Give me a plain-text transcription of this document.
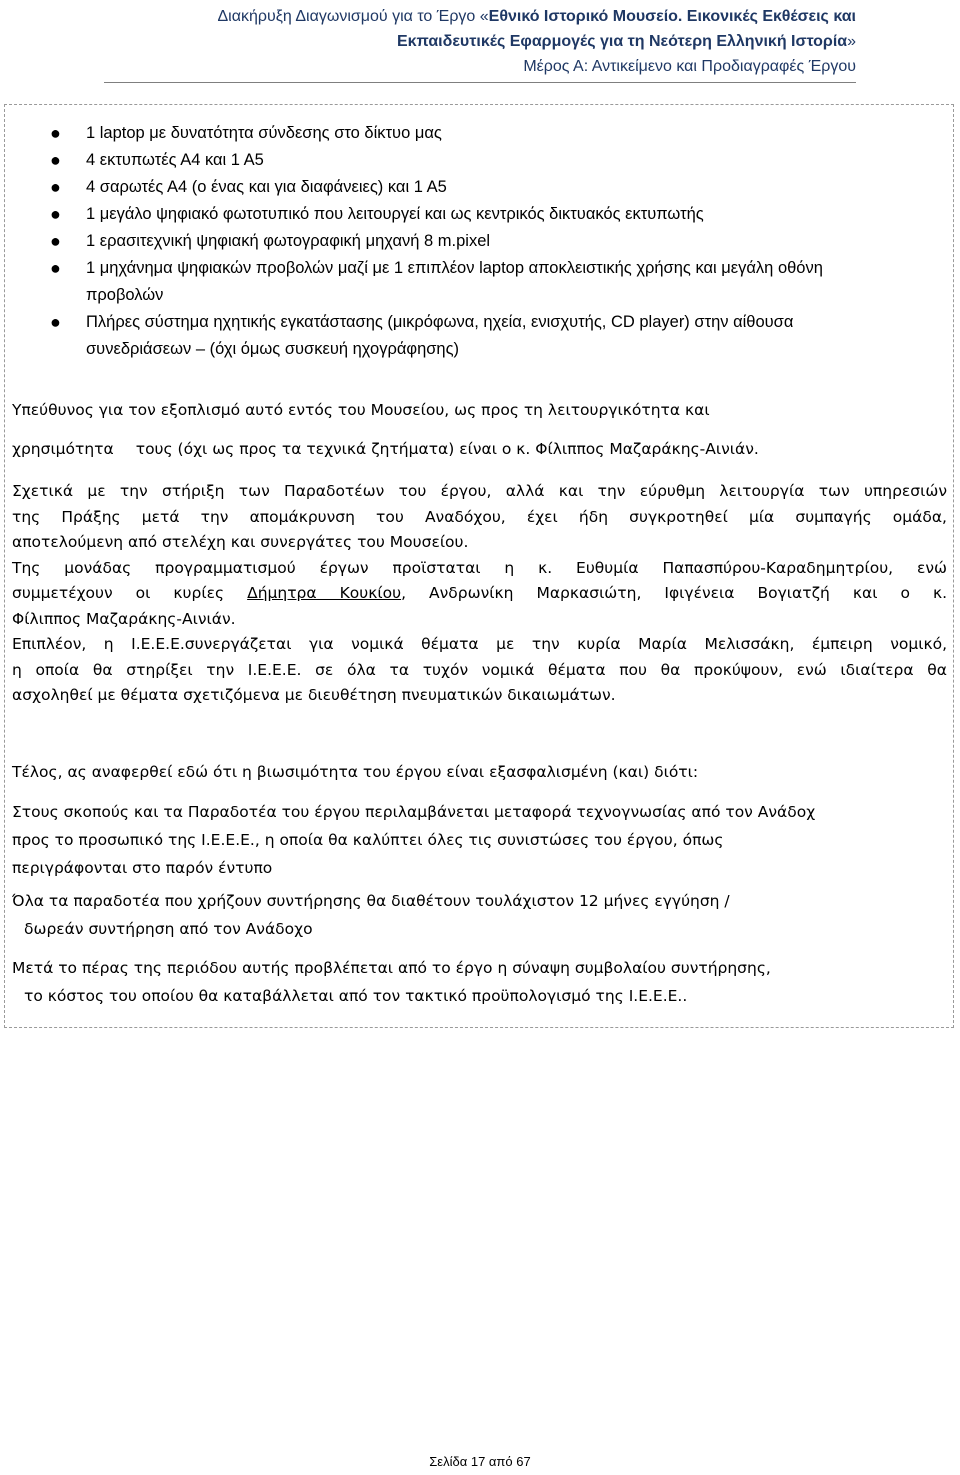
Διακήρυξη Διαγωνισμού για το Έργο «Εθνικό Ιστορικό Μουσείο. Εικονικές Εκθέσεις και
Εκπαιδευτικές Εφαρμογές για τη Νεότερη Ελληνική Ιστορία»
Μέρος Α: Αντικείμενο και Προδιαγραφές Έργου
● 1 laptop με δυνατότητα σύνδεσης στο δίκτυο μας
● 4 εκτυπωτές Α4 και 1 Α5
● 4 σαρωτές Α4 (ο ένας και για διαφάνειες) και 1 Α5
● 1 μεγάλο ψηφιακό φωτοτυπικό που λειτουργεί και ως κεντρικός δικτυακός εκτυπωτής
● 1 ερασιτεχνική ψηφιακή φωτογραφική μηχανή 8 m.pixel
● 1 μηχάνημα ψηφιακών προβολών μαζί με 1 επιπλέον laptop αποκλειστικής χρήσης και μεγάλη οθόνη προβολών
● Πλήρες σύστημα ηχητικής εγκατάστασης (μικρόφωνα, ηχεία, ενισχυτής, CD player) στην αίθουσα συνεδριάσεων – (όχι όμως συσκευή ηχογράφησης)
Υπεύθυνος για τον εξοπλισμό αυτό εντός του Μουσείου, ως προς τη λειτουργικότητα και
χρησιμότητα τους (όχι ως προς τα τεχνικά ζητήματα) είναι ο κ. Φίλιππος Μαζαράκης-Αινιάν.
Σχετικά με την στήριξη των Παραδοτέων του έργου, αλλά και την εύρυθμη λειτουργία των υπηρεσιών
της Πράξης μετά την απομάκρυνση του Αναδόχου, έχει ήδη συγκροτηθεί μία συμπαγής ομάδα,
αποτελούμενη από στελέχη και συνεργάτες του Μουσείου.
Της μονάδας προγραμματισμού έργων προϊσταται η κ. Ευθυμία Παπασπύρου-Καραδημητρίου, ενώ
συμμετέχουν οι κυρίες Δήμητρα Κουκίου, Ανδρωνίκη Μαρκασιώτη, Ιφιγένεια Βογιατζή και ο κ.
Φίλιππος Μαζαράκης-Αινιάν.
Επιπλέον, η Ι.Ε.Ε.Ε.συνεργάζεται για νομικά θέματα με την κυρία Μαρία Μελισσάκη, έμπειρη νομικό,
η οποία θα στηρίξει την Ι.Ε.Ε.Ε. σε όλα τα τυχόν νομικά θέματα που θα προκύψουν, ενώ ιδιαίτερα θα
ασχοληθεί με θέματα σχετιζόμενα με διευθέτηση πνευματικών δικαιωμάτων.
Τέλος, ας αναφερθεί εδώ ότι η βιωσιμότητα του έργου είναι εξασφαλισμένη (και) διότι:
Στους σκοπούς και τα Παραδοτέα του έργου περιλαμβάνεται μεταφορά τεχνογνωσίας από τον Ανάδοχ
προς το προσωπικό της Ι.Ε.Ε.Ε., η οποία θα καλύπτει όλες τις συνιστώσες του έργου, όπως
περιγράφονται στο παρόν έντυπο
Όλα τα παραδοτέα που χρήζουν συντήρησης θα διαθέτουν τουλάχιστον 12 μήνες εγγύηση /
δωρεάν συντήρηση από τον Ανάδοχο
Μετά το πέρας της περιόδου αυτής προβλέπεται από το έργο η σύναψη συμβολαίου συντήρησης,
το κόστος του οποίου θα καταβάλλεται από τον τακτικό προϋπολογισμό της Ι.Ε.Ε.Ε..
Σελίδα 17 από 67
